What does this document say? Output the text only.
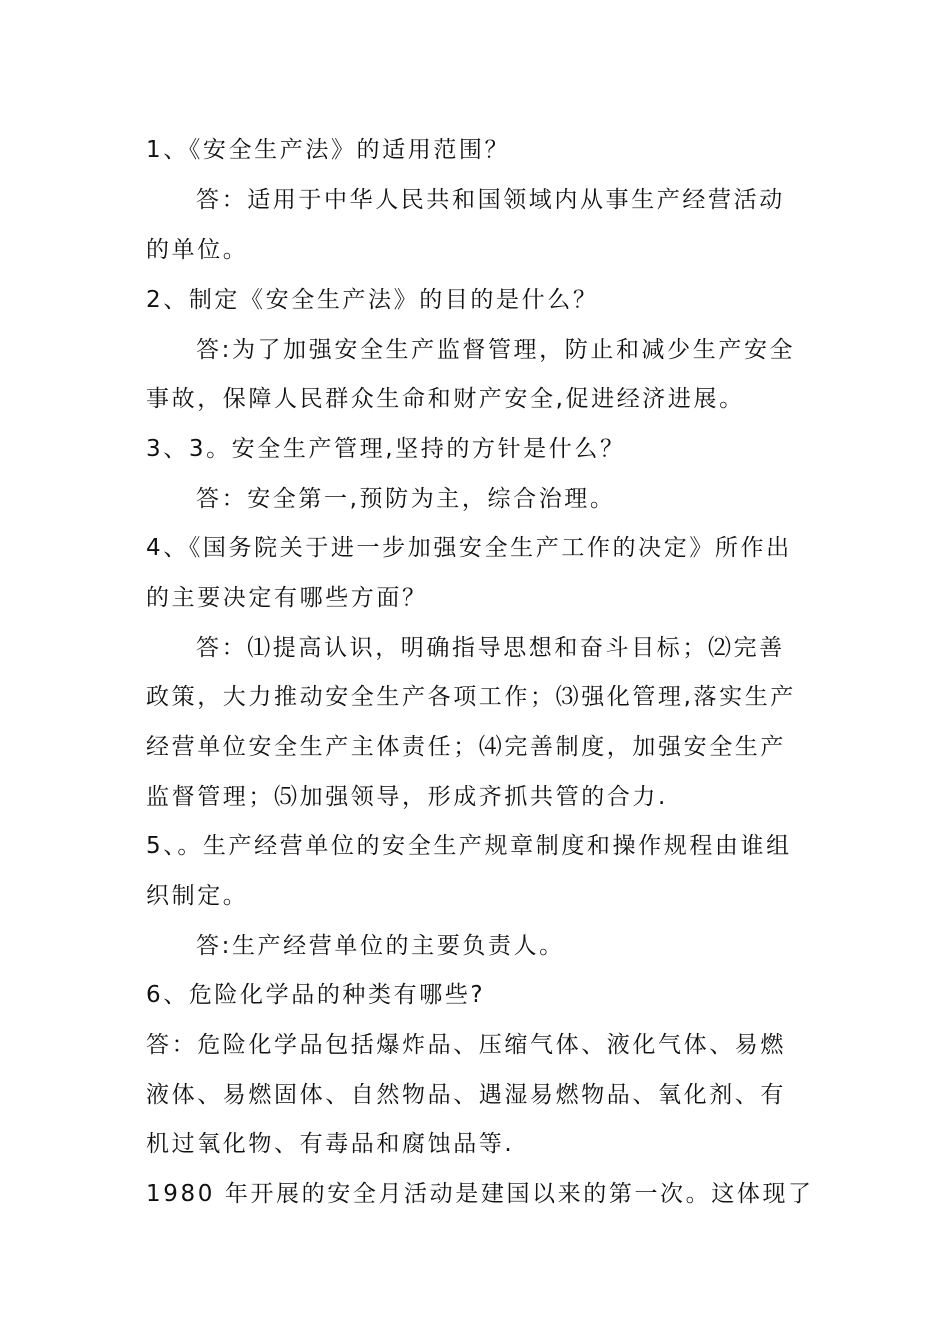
1、《安全生产法》的适用范围？
答：适用于中华人民共和国领域内从事生产经营活动
的单位。
2、制定《安全生产法》的目的是什么？
答:为了加强安全生产监督管理，防止和减少生产安全
事故，保障人民群众生命和财产安全,促进经济进展。
3、3。安全生产管理,坚持的方针是什么？
答：安全第一,预防为主，综合治理。
4、《国务院关于进一步加强安全生产工作的决定》所作出
的主要决定有哪些方面？
答：⑴提高认识，明确指导思想和奋斗目标；⑵完善
政策，大力推动安全生产各项工作；⑶强化管理,落实生产
经营单位安全生产主体责任；⑷完善制度，加强安全生产
监督管理；⑸加强领导，形成齐抓共管的合力.
5、。生产经营单位的安全生产规章制度和操作规程由谁组
织制定。
答:生产经营单位的主要负责人。
6、危险化学品的种类有哪些?
答：危险化学品包括爆炸品、压缩气体、液化气体、易燃
液体、易燃固体、自然物品、遇湿易燃物品、氧化剂、有
机过氧化物、有毒品和腐蚀品等.
1980 年开展的安全月活动是建国以来的第一次。这体现了
